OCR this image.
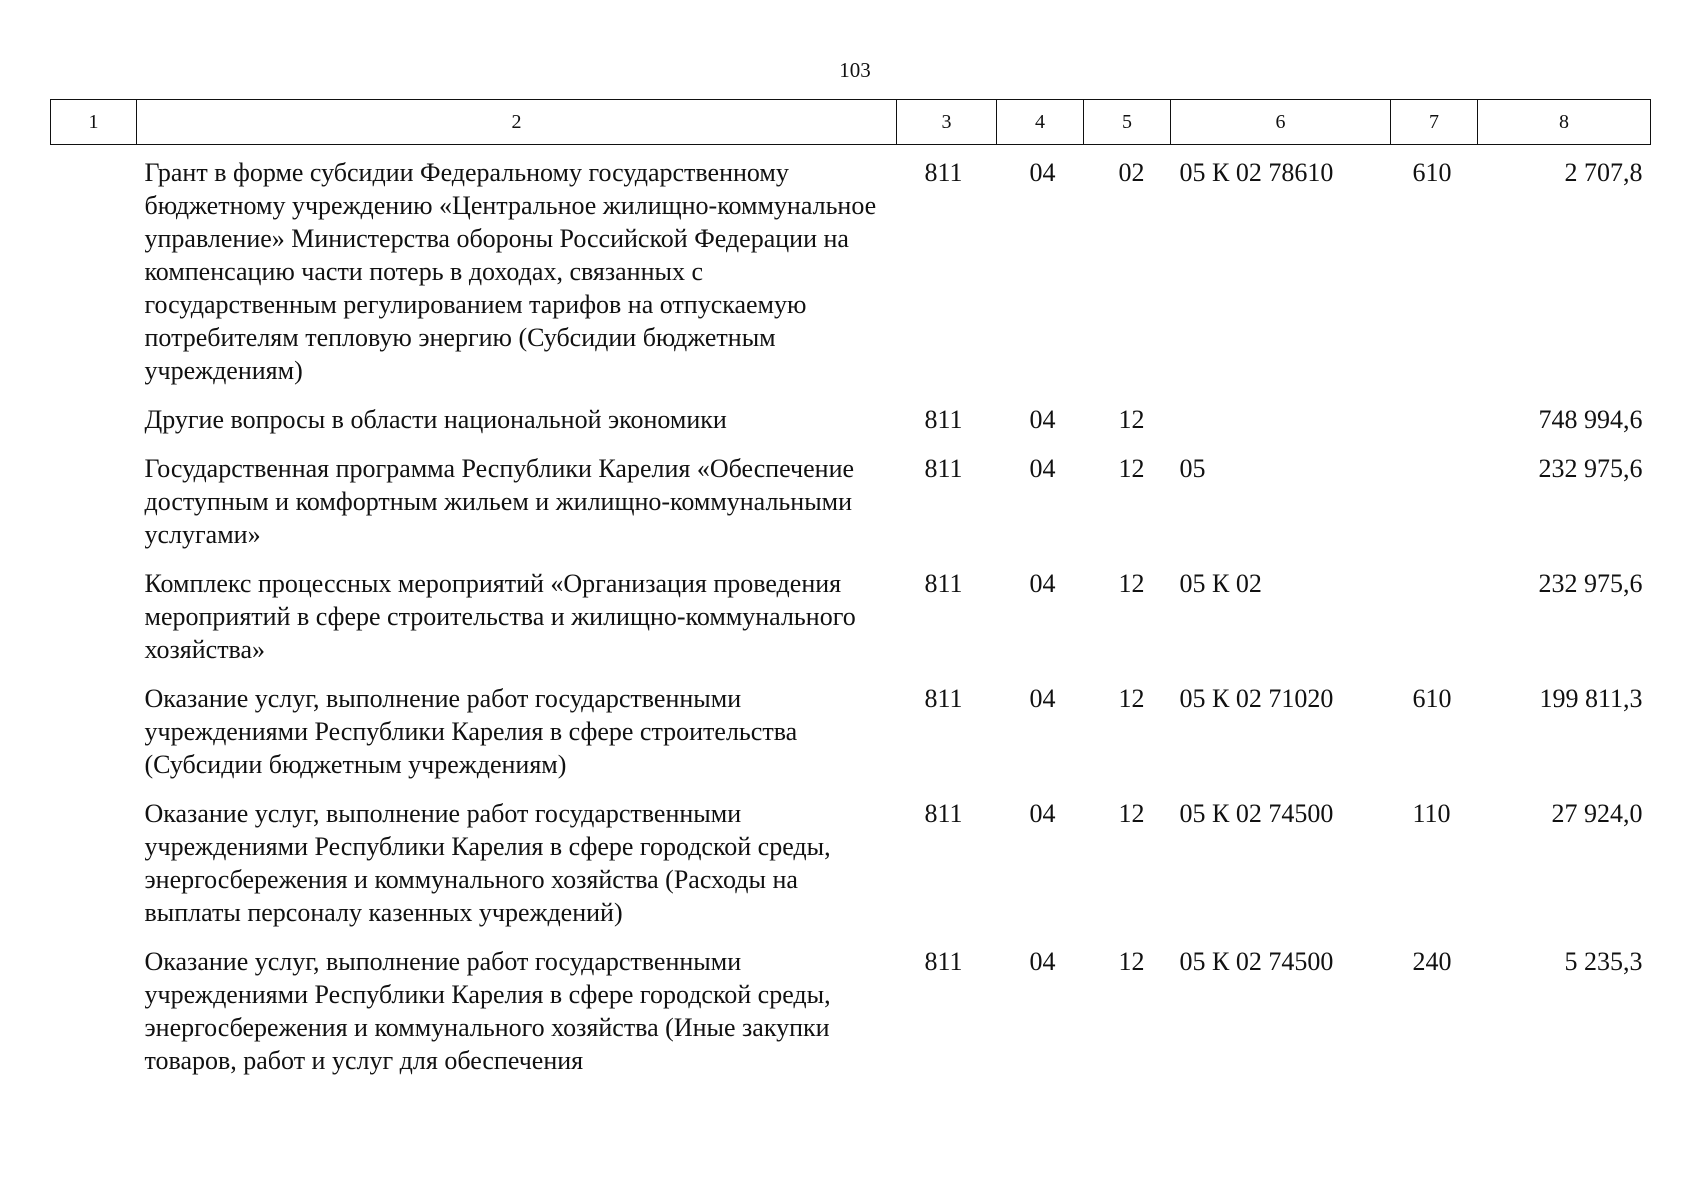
103
1	2	3	4	5	6	7	8
	Грант в форме субсидии Федеральному государственному бюджетному учреждению «Центральное жилищно-коммунальное управление» Министерства обороны Российской Федерации на компенсацию части потерь в доходах, связанных с государственным регулированием тарифов на отпускаемую потребителям тепловую энергию (Субсидии бюджетным учреждениям)	811	04	02	05 К 02 78610	610	2 707,8
	Другие вопросы в области национальной экономики	811	04	12			748 994,6
	Государственная программа Республики Карелия «Обеспечение доступным и комфортным жильем и жилищно-коммунальными услугами»	811	04	12	05		232 975,6
	Комплекс процессных мероприятий «Организация проведения мероприятий в сфере строительства и жилищно-коммунального хозяйства»	811	04	12	05 К 02		232 975,6
	Оказание услуг, выполнение работ государственными учреждениями Республики Карелия в сфере строительства (Субсидии бюджетным учреждениям)	811	04	12	05 К 02 71020	610	199 811,3
	Оказание услуг, выполнение работ государственными учреждениями Республики Карелия в сфере городской среды, энергосбережения и коммунального хозяйства (Расходы на выплаты персоналу казенных учреждений)	811	04	12	05 К 02 74500	110	27 924,0
	Оказание услуг, выполнение работ государственными учреждениями Республики Карелия в сфере городской среды, энергосбережения и коммунального хозяйства (Иные закупки товаров, работ и услуг для обеспечения	811	04	12	05 К 02 74500	240	5 235,3
